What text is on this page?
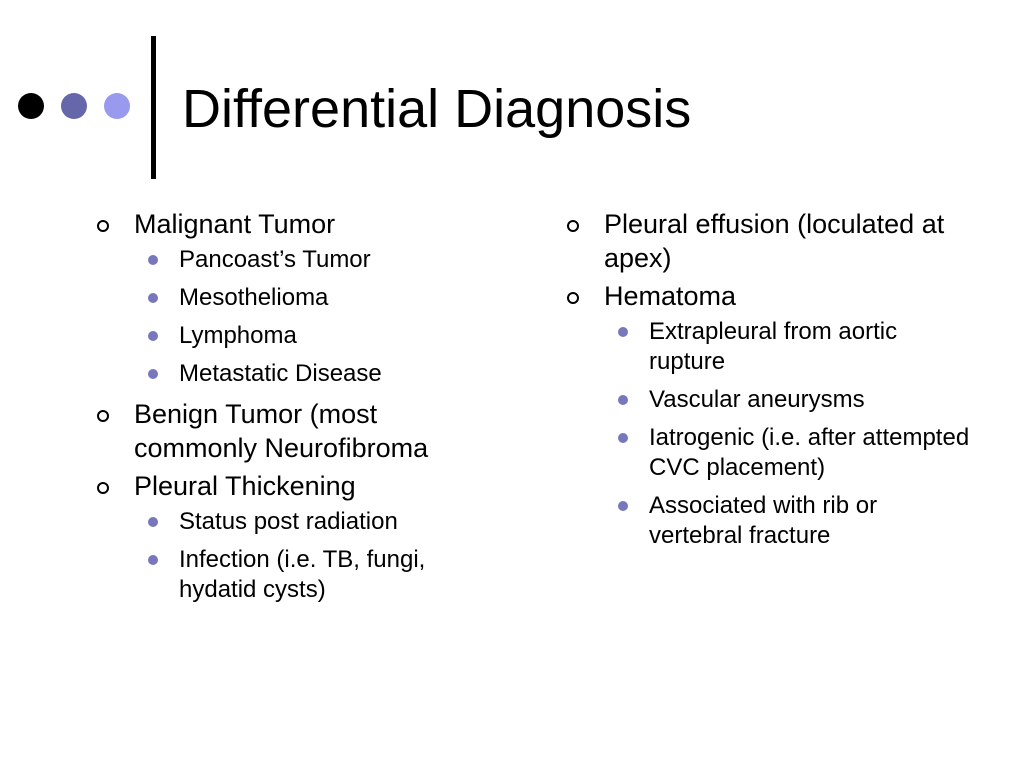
Differential Diagnosis
Malignant Tumor
Pancoast’s Tumor
Mesothelioma
Lymphoma
Metastatic Disease
Benign Tumor (most commonly Neurofibroma
Pleural Thickening
Status post radiation
Infection (i.e. TB, fungi, hydatid cysts)
Pleural effusion (loculated at apex)
Hematoma
Extrapleural from aortic rupture
Vascular aneurysms
Iatrogenic (i.e. after attempted CVC placement)
Associated with rib or vertebral fracture
